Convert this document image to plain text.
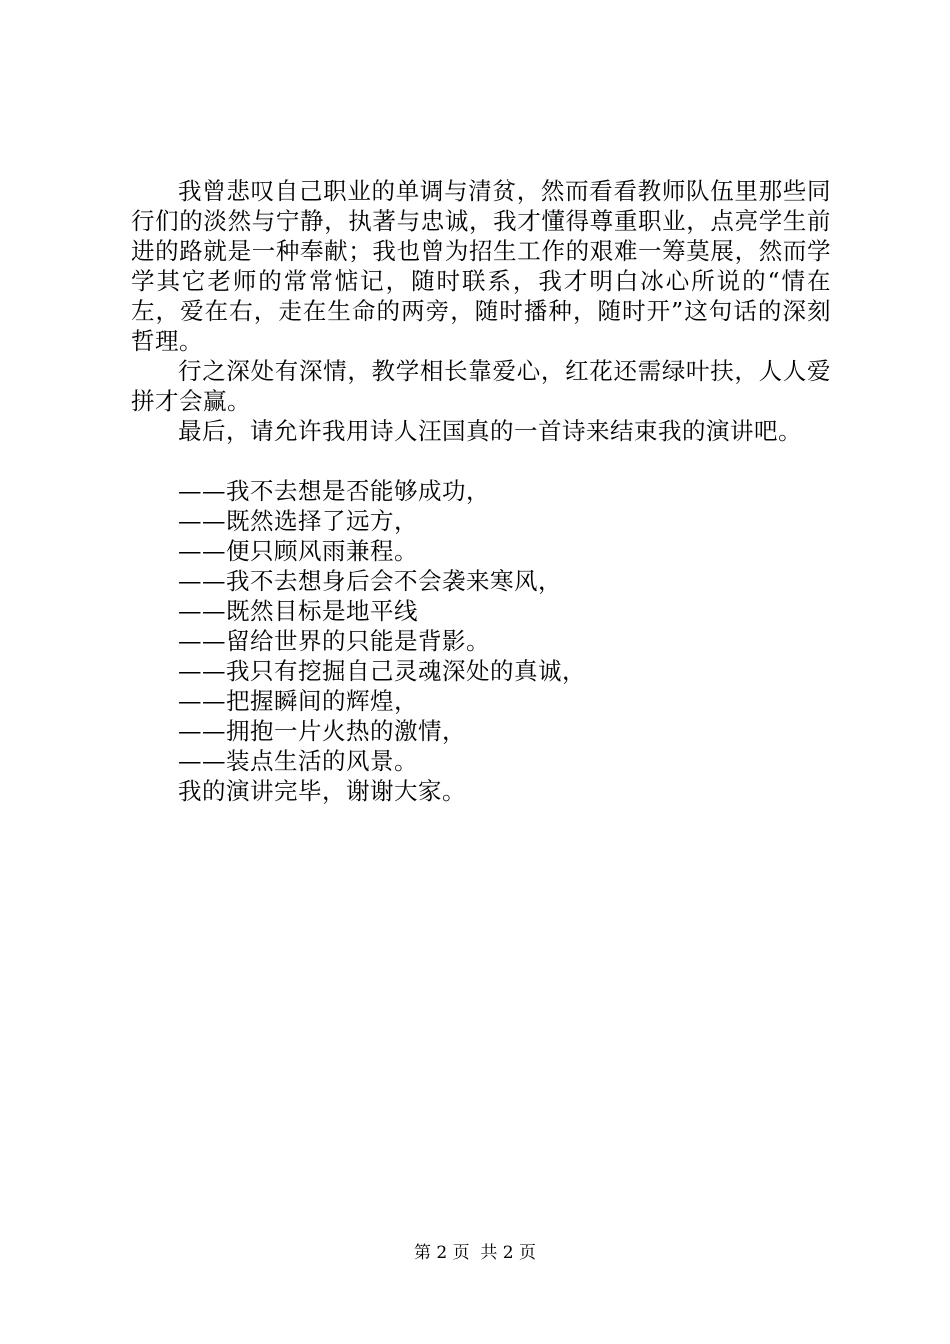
我曾悲叹自己职业的单调与清贫，然而看看教师队伍里那些同行们的淡然与宁静，执著与忠诚，我才懂得尊重职业，点亮学生前进的路就是一种奉献；我也曾为招生工作的艰难一筹莫展，然而学学其它老师的常常惦记，随时联系，我才明白冰心所说的“情在左，爱在右，走在生命的两旁，随时播种，随时开”这句话的深刻哲理。

行之深处有深情，教学相长靠爱心，红花还需绿叶扶，人人爱拼才会赢。

最后，请允许我用诗人汪国真的一首诗来结束我的演讲吧。

——我不去想是否能够成功，
——既然选择了远方，
——便只顾风雨兼程。
——我不去想身后会不会袭来寒风，
——既然目标是地平线
——留给世界的只能是背影。
——我只有挖掘自己灵魂深处的真诚，
——把握瞬间的辉煌，
——拥抱一片火热的激情，
——装点生活的风景。

我的演讲完毕，谢谢大家。

第 2 页  共 2 页
